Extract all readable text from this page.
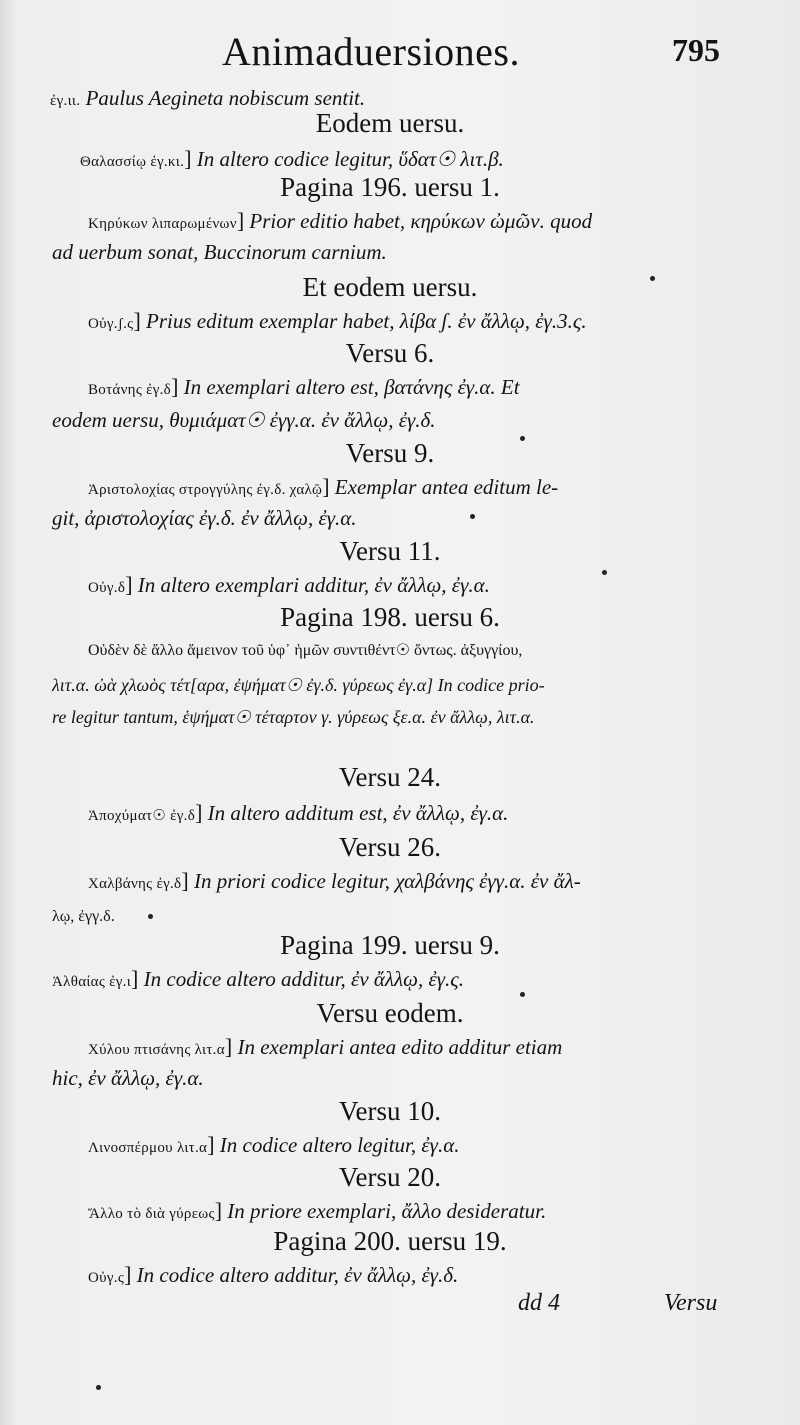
Animaduersiones.	795
ἐγ.ιι. Paulus Aegineta nobiscum sentit.
Eodem uersu.
Θαλασσίῳ ἐγ.κι.] In altero codice legitur, ὕδατ☉ λιτ.β.
Pagina 196. uersu 1.
Κηρύκων λιπαρωμένων] Prior editio habet, κηρύκων ὠμῶν. quod
ad uerbum sonat, Buccinorum carnium.
Et eodem uersu.
Οὐγ.ʃ.ς] Prius editum exemplar habet, λίβα ʃ. ἐν ἄλλῳ, ἐγ.3.ς.
Versu 6.
Βοτάνης ἐγ.δ] In exemplari altero est, βατάνης ἐγ.α. Et
eodem uersu, θυμιάματ☉ ἐγγ.α. ἐν ἄλλῳ, ἐγ.δ.
Versu 9.
Ἀριστολοχίας στρογγύλης ἐγ.δ. χαλῷ] Exemplar antea editum le-
git, ἀριστολοχίας ἐγ.δ. ἐν ἄλλῳ, ἐγ.α.
Versu 11.
Οὐγ.δ] In altero exemplari additur, ἐν ἄλλῳ, ἐγ.α.
Pagina 198. uersu 6.
Οὐδὲν δὲ ἄλλο ἄμεινον τοῦ ὑφ᾽ ἡμῶν συντιθέντ☉ ὄντως. ἀξυγγίου,
λιτ.α. ὠὰ χλωὸς τέτ[αρα, ἐψήματ☉ ἐγ.δ. γύρεως ἐγ.α] In codice prio-
re legitur tantum, ἑψήματ☉ τέταρτον γ. γύρεως ξε.α. ἐν ἄλλῳ, λιτ.α.
Versu 24.
Ἀποχύματ☉ ἐγ.δ] In altero additum est, ἐν ἄλλῳ, ἐγ.α.
Versu 26.
Χαλβάνης ἐγ.δ] In priori codice legitur, χαλβάνης ἐγγ.α. ἐν ἄλ-
λῳ, ἐγγ.δ.
Pagina 199. uersu 9.
Ἀλθαίας ἐγ.ι] In codice altero additur, ἐν ἄλλῳ, ἐγ.ς.
Versu eodem.
Χύλου πτισάνης λιτ.α] In exemplari antea edito additur etiam
hic, ἐν ἄλλῳ, ἐγ.α.
Versu 10.
Λινοσπέρμου λιτ.α] In codice altero legitur, ἐγ.α.
Versu 20.
Ἄλλο τὸ διὰ γύρεως] In priore exemplari, ἄλλο desideratur.
Pagina 200. uersu 19.
Οὐγ.ς] In codice altero additur, ἐν ἄλλῳ, ἐγ.δ.
dd 4	Versu
